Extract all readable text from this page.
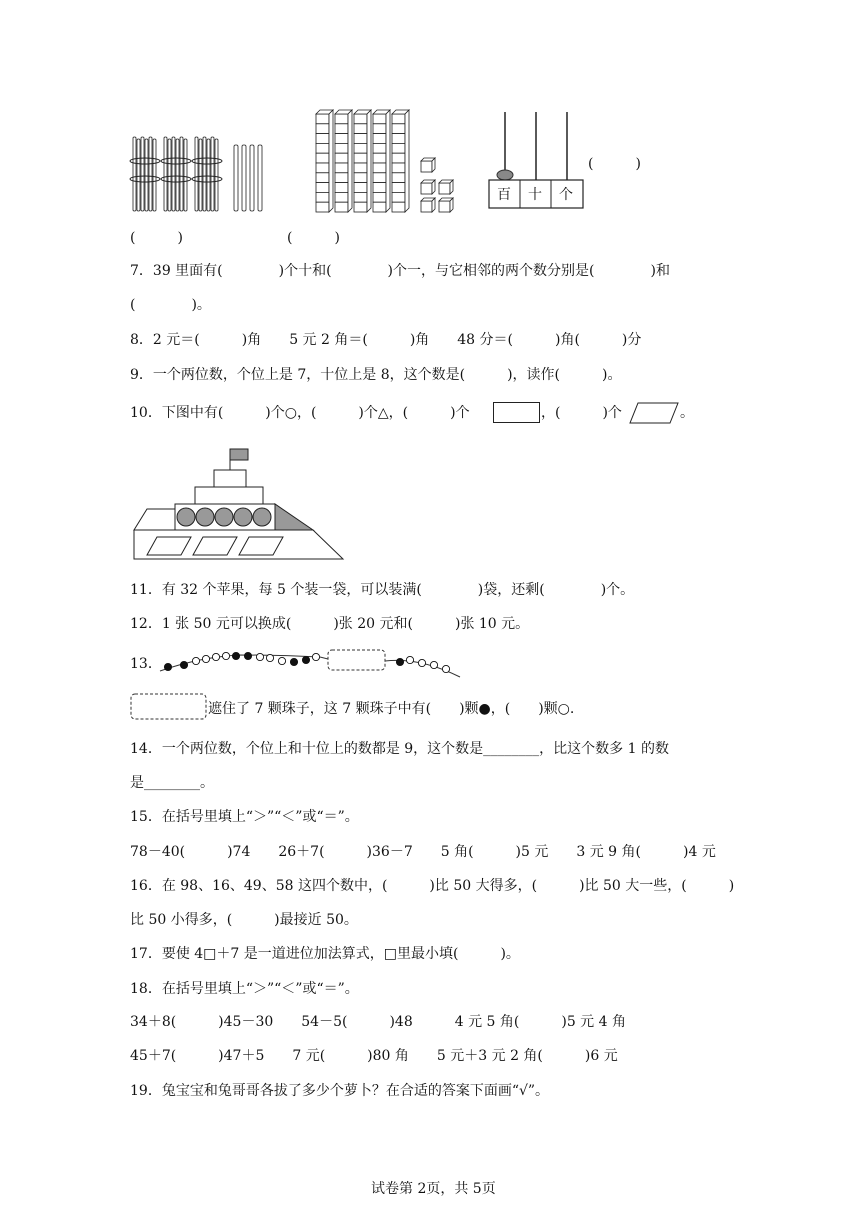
百 十 个
(　　　)
(　　　)	(　　　)
7．39 里面有(　　　　)个十和(　　　　)个一，与它相邻的两个数分别是(　　　　)和
(　　　　)。
8．2 元＝(　　　)角　　5 元 2 角＝(　　　)角　　48 分＝(　　　)角(　　　)分
9．一个两位数，个位上是 7，十位上是 8，这个数是(　　　)，读作(　　　)。
10．下图中有(　　　)个○，(　　　)个△，(　　　)个	，(　　　)个	。
11．有 32 个苹果，每 5 个装一袋，可以装满(　　　　)袋，还剩(　　　　)个。
12．1 张 50 元可以换成(　　　)张 20 元和(　　　)张 10 元。
13．
遮住了 7 颗珠子，这 7 颗珠子中有(　　)颗●，(　　)颗○.
14．一个两位数，个位上和十位上的数都是 9，这个数是________，比这个数多 1 的数
是________。
15．在括号里填上“＞”“＜”或“＝”。
78－40(　　　)74　　26＋7(　　　)36－7　　5 角(　　　)5 元　　3 元 9 角(　　　)4 元
16．在 98、16、49、58 这四个数中，(　　　)比 50 大得多，(　　　)比 50 大一些，(　　　)
比 50 小得多，(　　　)最接近 50。
17．要使 4□＋7 是一道进位加法算式，□里最小填(　　　)。
18．在括号里填上“＞”“＜”或“＝”。
34＋8(　　　)45－30　　54－5(　　　)48　　　4 元 5 角(　　　)5 元 4 角
45＋7(　　　)47＋5　　7 元(　　　)80 角　　5 元＋3 元 2 角(　　　)6 元
19．兔宝宝和兔哥哥各拔了多少个萝卜？在合适的答案下面画“√”。
试卷第 2页，共 5页
